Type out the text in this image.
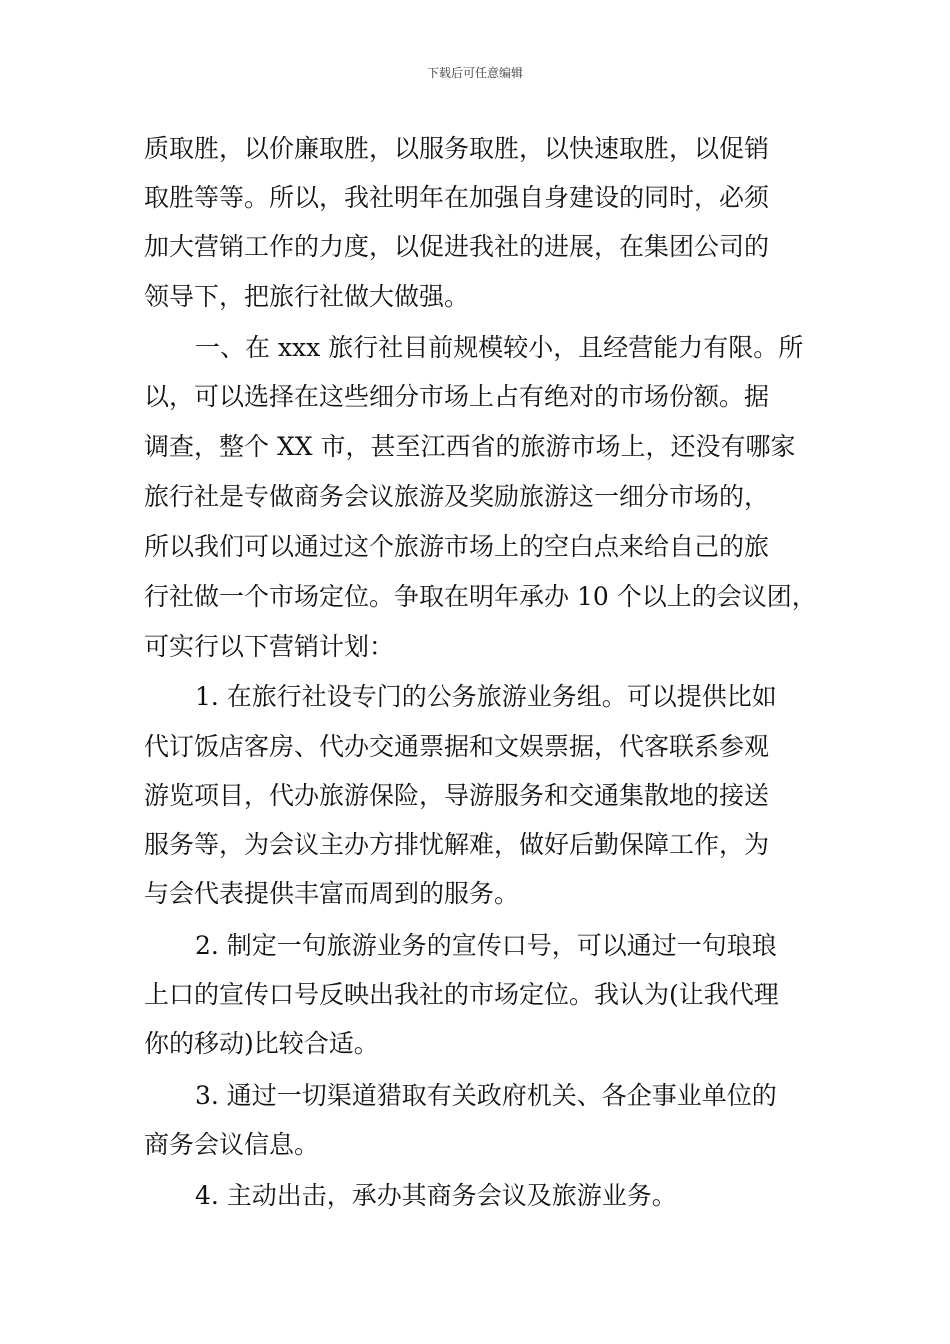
下载后可任意编辑
质取胜，以价廉取胜，以服务取胜，以快速取胜，以促销
取胜等等。所以，我社明年在加强自身建设的同时，必须
加大营销工作的力度，以促进我社的进展，在集团公司的
领导下，把旅行社做大做强。
一、在 xxx 旅行社目前规模较小，且经营能力有限。所
以，可以选择在这些细分市场上占有绝对的市场份额。据
调查，整个 XX 市，甚至江西省的旅游市场上，还没有哪家
旅行社是专做商务会议旅游及奖励旅游这一细分市场的，
所以我们可以通过这个旅游市场上的空白点来给自己的旅
行社做一个市场定位。争取在明年承办 10 个以上的会议团，
可实行以下营销计划：
1. 在旅行社设专门的公务旅游业务组。可以提供比如
代订饭店客房、代办交通票据和文娱票据，代客联系参观
游览项目，代办旅游保险，导游服务和交通集散地的接送
服务等，为会议主办方排忧解难，做好后勤保障工作，为
与会代表提供丰富而周到的服务。
2. 制定一句旅游业务的宣传口号，可以通过一句琅琅
上口的宣传口号反映出我社的市场定位。我认为(让我代理
你的移动)比较合适。
3. 通过一切渠道猎取有关政府机关、各企事业单位的
商务会议信息。
4. 主动出击，承办其商务会议及旅游业务。
